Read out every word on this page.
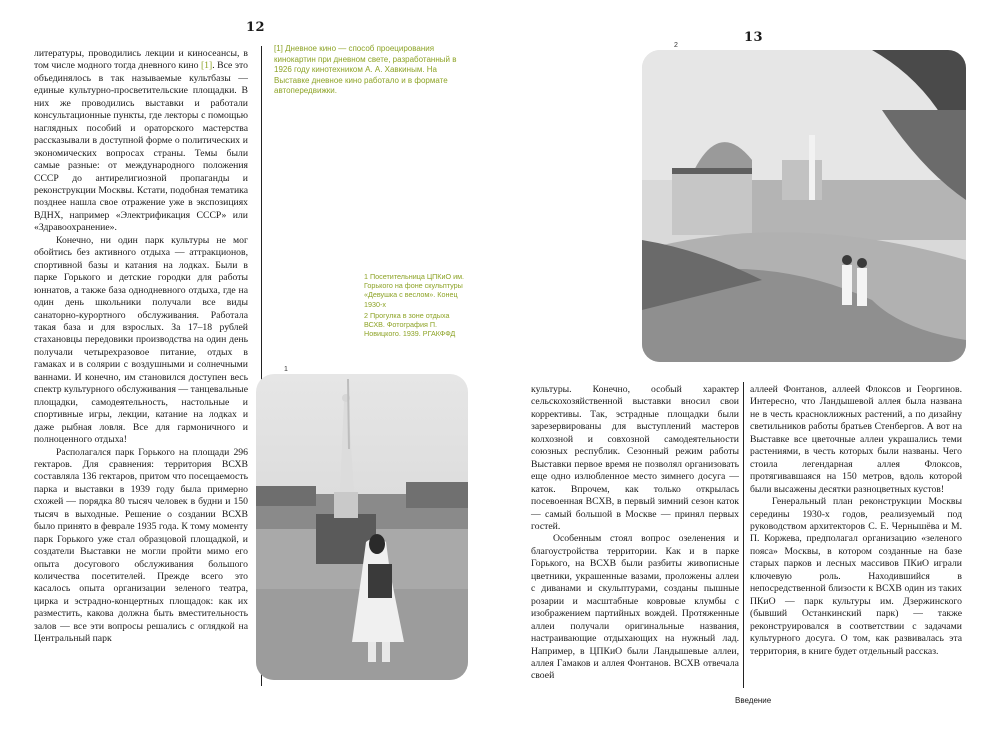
12

литературы, проводились лекции и киносеансы, в том числе модного тогда дневного кино [1]. Все это объединялось в так называемые культбазы — единые культурно-просветительские площадки. В них же проводились выставки и работали консультационные пункты, где лекторы с помощью наглядных пособий и ораторского мастерства рассказывали в доступной форме о политических и экономических вопросах страны. Темы были самые разные: от международного положения СССР до антирелигиозной пропаганды и реконструкции Москвы. Кстати, подобная тематика позднее нашла свое отражение уже в экспозициях ВДНХ, например «Электрификация СССР» или «Здравоохранение».

Конечно, ни один парк культуры не мог обойтись без активного отдыха — аттракционов, спортивной базы и катания на лодках. Были в парке Горького и детские городки для работы юннатов, а также база однодневного отдыха, где на один день школьники получали все виды санаторно-курортного обслуживания. Работала такая база и для взрослых. За 17–18 рублей стахановцы передовики производства на один день получали четырехразовое питание, отдых в гамаках и в солярии с воздушными и солнечными ваннами. И конечно, им становился доступен весь спектр культурного обслуживания — танцевальные площадки, самодеятельность, настольные и спортивные игры, лекции, катание на лодках и даже рыбная ловля. Все для гармоничного и полноценного отдыха!

Располагался парк Горького на площади 296 гектаров. Для сравнения: территория ВСХВ составляла 136 гектаров, притом что посещаемость парка и выставки в 1939 году была примерно схожей — порядка 80 тысяч человек в будни и 150 тысяч в выходные. Решение о создании ВСХВ было принято в феврале 1935 года. К тому моменту парк Горького уже стал образцовой площадкой, и создатели Выставки не могли пройти мимо его опыта досугового обслуживания большого количества посетителей. Прежде всего это касалось опыта организации зеленого театра, цирка и эстрадно-концертных площадок: как их разместить, какова должна быть вместительность залов — все эти вопросы решались с оглядкой на Центральный парк

[1] Дневное кино — способ проецирования кинокартин при дневном свете, разработанный в 1926 году кинотехником А. А. Хавкиным. На Выставке дневное кино работало и в формате автопередвижки.
1 Посетительница ЦПКиО им. Горького на фоне скульптуры «Девушка с веслом». Конец 1930-х
2 Прогулка в зоне отдыха ВСХВ. Фотография П. Новицкого. 1939. РГАКФФД
1
13
2

культуры. Конечно, особый характер сельскохозяйственной выставки вносил свои коррективы. Так, эстрадные площадки были зарезервированы для выступлений мастеров колхозной и совхозной самодеятельности союзных республик. Сезонный режим работы Выставки первое время не позволял организовать еще одно излюбленное место зимнего досуга — каток. Впрочем, как только открылась посевоенная ВСХВ, в первый зимний сезон каток — самый большой в Москве — принял первых гостей.

Особенным стоял вопрос озеленения и благоустройства территории. Как и в парке Горького, на ВСХВ были разбиты живописные цветники, украшенные вазами, проложены аллеи с диванами и скульптурами, созданы пышные розарии и масштабные ковровые клумбы с изображением партийных вождей. Протяженные аллеи получали оригинальные названия, настраивающие отдыхающих на нужный лад. Например, в ЦПКиО были Ландышевые аллеи, аллея Гамаков и аллея Фонтанов. ВСХВ отвечала своей

аллеей Фонтанов, аллеей Флоксов и Георгинов. Интересно, что Ландышевой аллея была названа не в честь красноклижных растений, а по дизайну светильников работы братьев Стенбергов. А вот на Выставке все цветочные аллеи украшались теми растениями, в честь которых были названы. Чего стоила легендарная аллея Флоксов, протягивавшаяся на 150 метров, вдоль которой были высажены десятки разноцветных кустов!

Генеральный план реконструкции Москвы середины 1930-х годов, реализуемый под руководством архитекторов С. Е. Чернышёва и М. П. Коржева, предполагал организацию «зеленого пояса» Москвы, в котором созданные на базе старых парков и лесных массивов ПКиО играли ключевую роль. Находившийся в непосредственной близости к ВСХВ один из таких ПКиО — парк культуры им. Дзержинского (бывший Останкинский парк) — также реконструировался в соответствии с задачами культурного досуга. О том, как развивалась эта территория, в книге будет отдельный рассказ.

Введение
